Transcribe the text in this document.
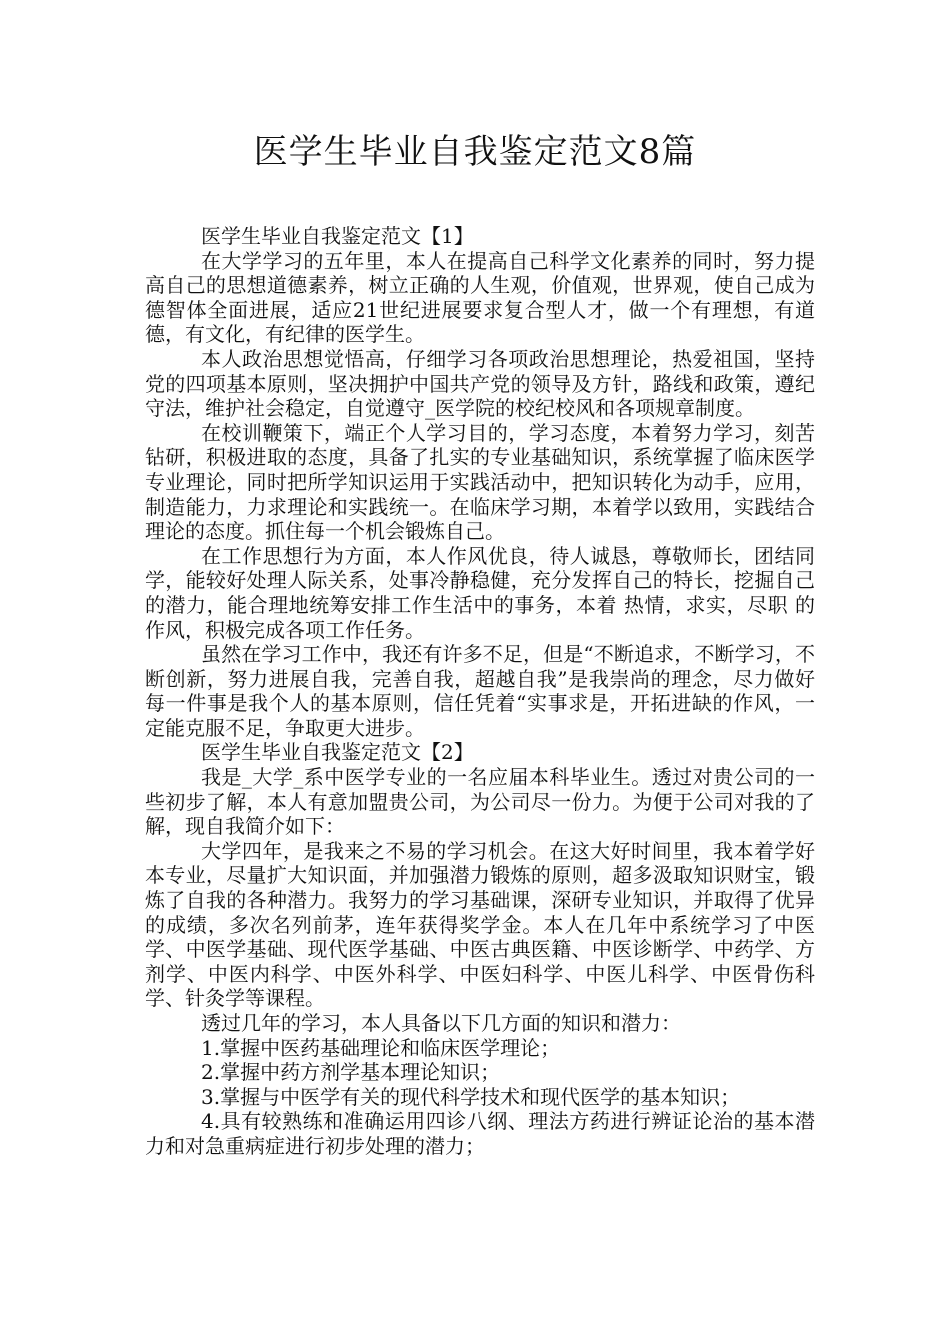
医学生毕业自我鉴定范文8篇

医学生毕业自我鉴定范文【1】

在大学学习的五年里，本人在提高自己科学文化素养的同时，努力提高自己的思想道德素养，树立正确的人生观，价值观，世界观，使自己成为德智体全面进展，适应21世纪进展要求复合型人才，做一个有理想，有道德，有文化，有纪律的医学生。

本人政治思想觉悟高，仔细学习各项政治思想理论，热爱祖国，坚持党的四项基本原则，坚决拥护中国共产党的领导及方针，路线和政策，遵纪守法，维护社会稳定，自觉遵守_医学院的校纪校风和各项规章制度。

在校训鞭策下，端正个人学习目的，学习态度，本着努力学习，刻苦钻研，积极进取的态度，具备了扎实的专业基础知识，系统掌握了临床医学专业理论，同时把所学知识运用于实践活动中，把知识转化为动手，应用，制造能力，力求理论和实践统一。在临床学习期，本着学以致用，实践结合理论的态度。抓住每一个机会锻炼自己。

在工作思想行为方面，本人作风优良，待人诚恳，尊敬师长，团结同学，能较好处理人际关系，处事冷静稳健，充分发挥自己的特长，挖掘自己的潜力，能合理地统筹安排工作生活中的事务，本着 热情，求实，尽职 的作风，积极完成各项工作任务。

虽然在学习工作中，我还有许多不足，但是“不断追求，不断学习，不断创新，努力进展自我，完善自我，超越自我”是我崇尚的理念，尽力做好每一件事是我个人的基本原则，信任凭着“实事求是，开拓进缺的作风，一定能克服不足，争取更大进步。

医学生毕业自我鉴定范文【2】

我是_大学_系中医学专业的一名应届本科毕业生。透过对贵公司的一些初步了解，本人有意加盟贵公司，为公司尽一份力。为便于公司对我的了解，现自我简介如下：

大学四年，是我来之不易的学习机会。在这大好时间里，我本着学好本专业，尽量扩大知识面，并加强潜力锻炼的原则，超多汲取知识财宝，锻炼了自我的各种潜力。我努力的学习基础课，深研专业知识，并取得了优异的成绩，多次名列前茅，连年获得奖学金。本人在几年中系统学习了中医学、中医学基础、现代医学基础、中医古典医籍、中医诊断学、中药学、方剂学、中医内科学、中医外科学、中医妇科学、中医儿科学、中医骨伤科学、针灸学等课程。

透过几年的学习，本人具备以下几方面的知识和潜力：

1.掌握中医药基础理论和临床医学理论；

2.掌握中药方剂学基本理论知识；

3.掌握与中医学有关的现代科学技术和现代医学的基本知识；

4.具有较熟练和准确运用四诊八纲、理法方药进行辨证论治的基本潜力和对急重病症进行初步处理的潜力；
